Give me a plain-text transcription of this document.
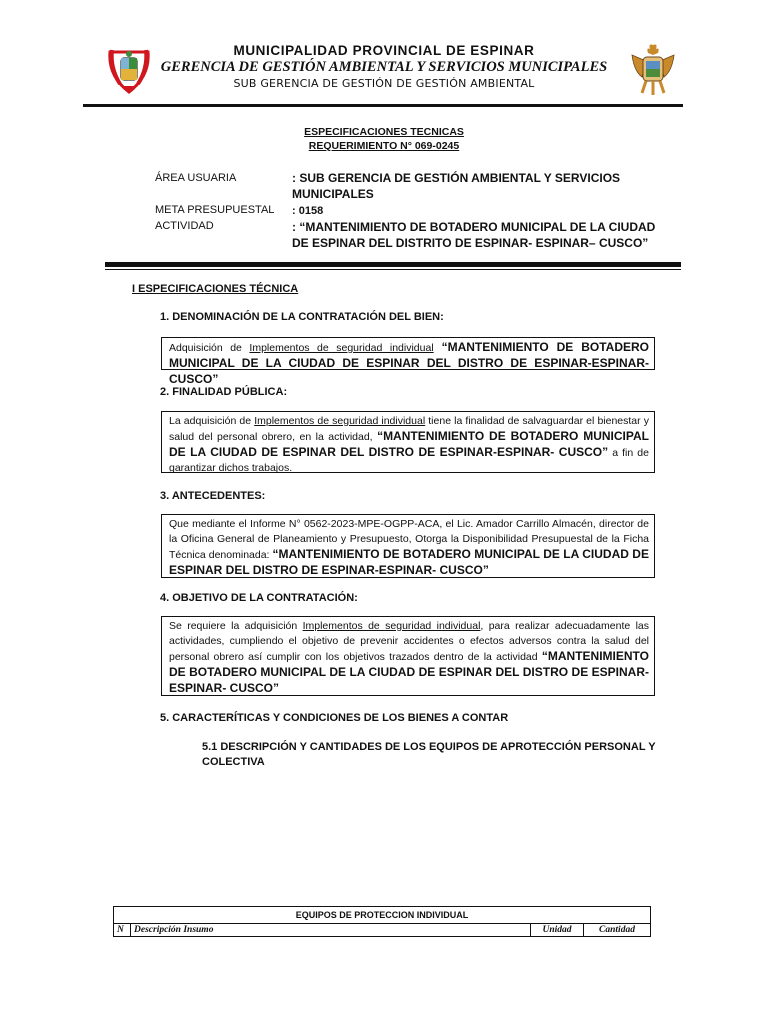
MUNICIPALIDAD PROVINCIAL DE ESPINAR
GERENCIA DE GESTIÓN AMBIENTAL Y SERVICIOS MUNICIPALES
SUB GERENCIA DE GESTIÓN DE GESTIÓN AMBIENTAL
ESPECIFICACIONES TECNICAS
REQUERIMIENTO N° 069-0245
ÁREA USUARIA	: SUB GERENCIA DE GESTIÓN AMBIENTAL Y SERVICIOS
MUNICIPALES
META PRESUPUESTAL : 0158
ACTIVIDAD	: “MANTENIMIENTO DE BOTADERO MUNICIPAL DE LA CIUDAD
DE ESPINAR DEL DISTRITO DE ESPINAR- ESPINAR– CUSCO”
I ESPECIFICACIONES TÉCNICA
1. DENOMINACIÓN DE LA CONTRATACIÓN DEL BIEN:
Adquisición de Implementos de seguridad individual “MANTENIMIENTO DE BOTADERO MUNICIPAL DE LA CIUDAD DE ESPINAR DEL DISTRO DE ESPINAR-ESPINAR- CUSCO”
2. FINALIDAD PÚBLICA:
La adquisición de Implementos de seguridad individual tiene la finalidad de salvaguardar el bienestar y salud del personal obrero, en la actividad, “MANTENIMIENTO DE BOTADERO MUNICIPAL DE LA CIUDAD DE ESPINAR DEL DISTRO DE ESPINAR-ESPINAR- CUSCO” a fin de garantizar dichos trabajos.
3. ANTECEDENTES:
Que mediante el Informe N° 0562-2023-MPE-OGPP-ACA, el Lic. Amador Carrillo Almacén, director de la Oficina General de Planeamiento y Presupuesto, Otorga la Disponibilidad Presupuestal de la Ficha Técnica denominada: “MANTENIMIENTO DE BOTADERO MUNICIPAL DE LA CIUDAD DE ESPINAR DEL DISTRO DE ESPINAR-ESPINAR- CUSCO”
4. OBJETIVO DE LA CONTRATACIÓN:
Se requiere la adquisición Implementos de seguridad individual, para realizar adecuadamente las actividades, cumpliendo el objetivo de prevenir accidentes o efectos adversos contra la salud del personal obrero así cumplir con los objetivos trazados dentro de la actividad “MANTENIMIENTO DE BOTADERO MUNICIPAL DE LA CIUDAD DE ESPINAR DEL DISTRO DE ESPINAR-ESPINAR- CUSCO”
5. CARACTERÍTICAS Y CONDICIONES DE LOS BIENES A CONTAR
5.1 DESCRIPCIÓN Y CANTIDADES DE LOS EQUIPOS DE APROTECCIÓN PERSONAL Y
COLECTIVA
EQUIPOS DE PROTECCION INDIVIDUAL
N	Descripción Insumo	Unidad	Cantidad
